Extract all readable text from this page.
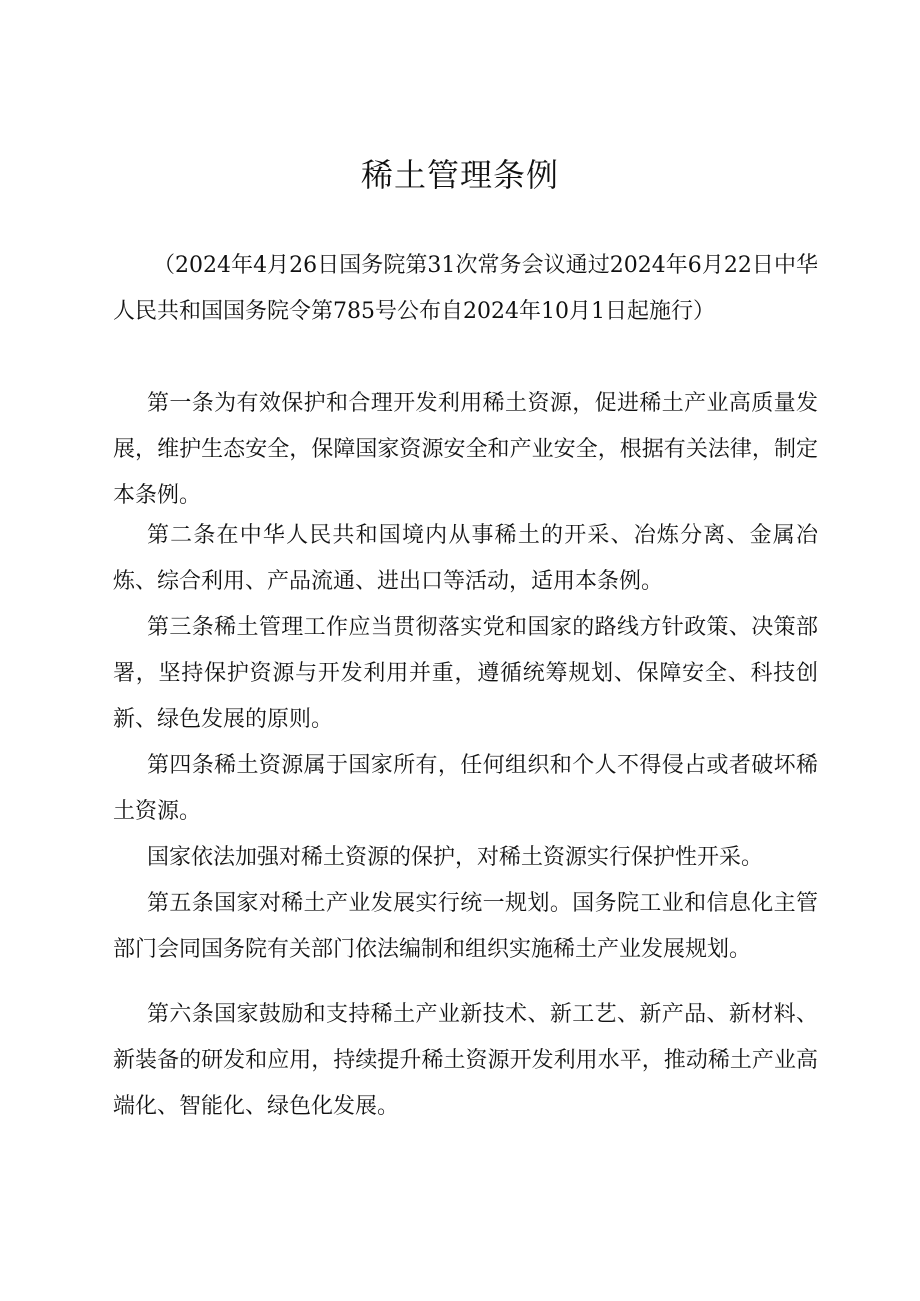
稀土管理条例

（2024年4月26日国务院第31次常务会议通过2024年6月22日中华人民共和国国务院令第785号公布自2024年10月1日起施行）

第一条为有效保护和合理开发利用稀土资源，促进稀土产业高质量发展，维护生态安全，保障国家资源安全和产业安全，根据有关法律，制定本条例。

第二条在中华人民共和国境内从事稀土的开采、冶炼分离、金属冶炼、综合利用、产品流通、进出口等活动，适用本条例。

第三条稀土管理工作应当贯彻落实党和国家的路线方针政策、决策部署，坚持保护资源与开发利用并重，遵循统筹规划、保障安全、科技创新、绿色发展的原则。

第四条稀土资源属于国家所有，任何组织和个人不得侵占或者破坏稀土资源。

国家依法加强对稀土资源的保护，对稀土资源实行保护性开采。

第五条国家对稀土产业发展实行统一规划。国务院工业和信息化主管部门会同国务院有关部门依法编制和组织实施稀土产业发展规划。

第六条国家鼓励和支持稀土产业新技术、新工艺、新产品、新材料、新装备的研发和应用，持续提升稀土资源开发利用水平，推动稀土产业高端化、智能化、绿色化发展。
